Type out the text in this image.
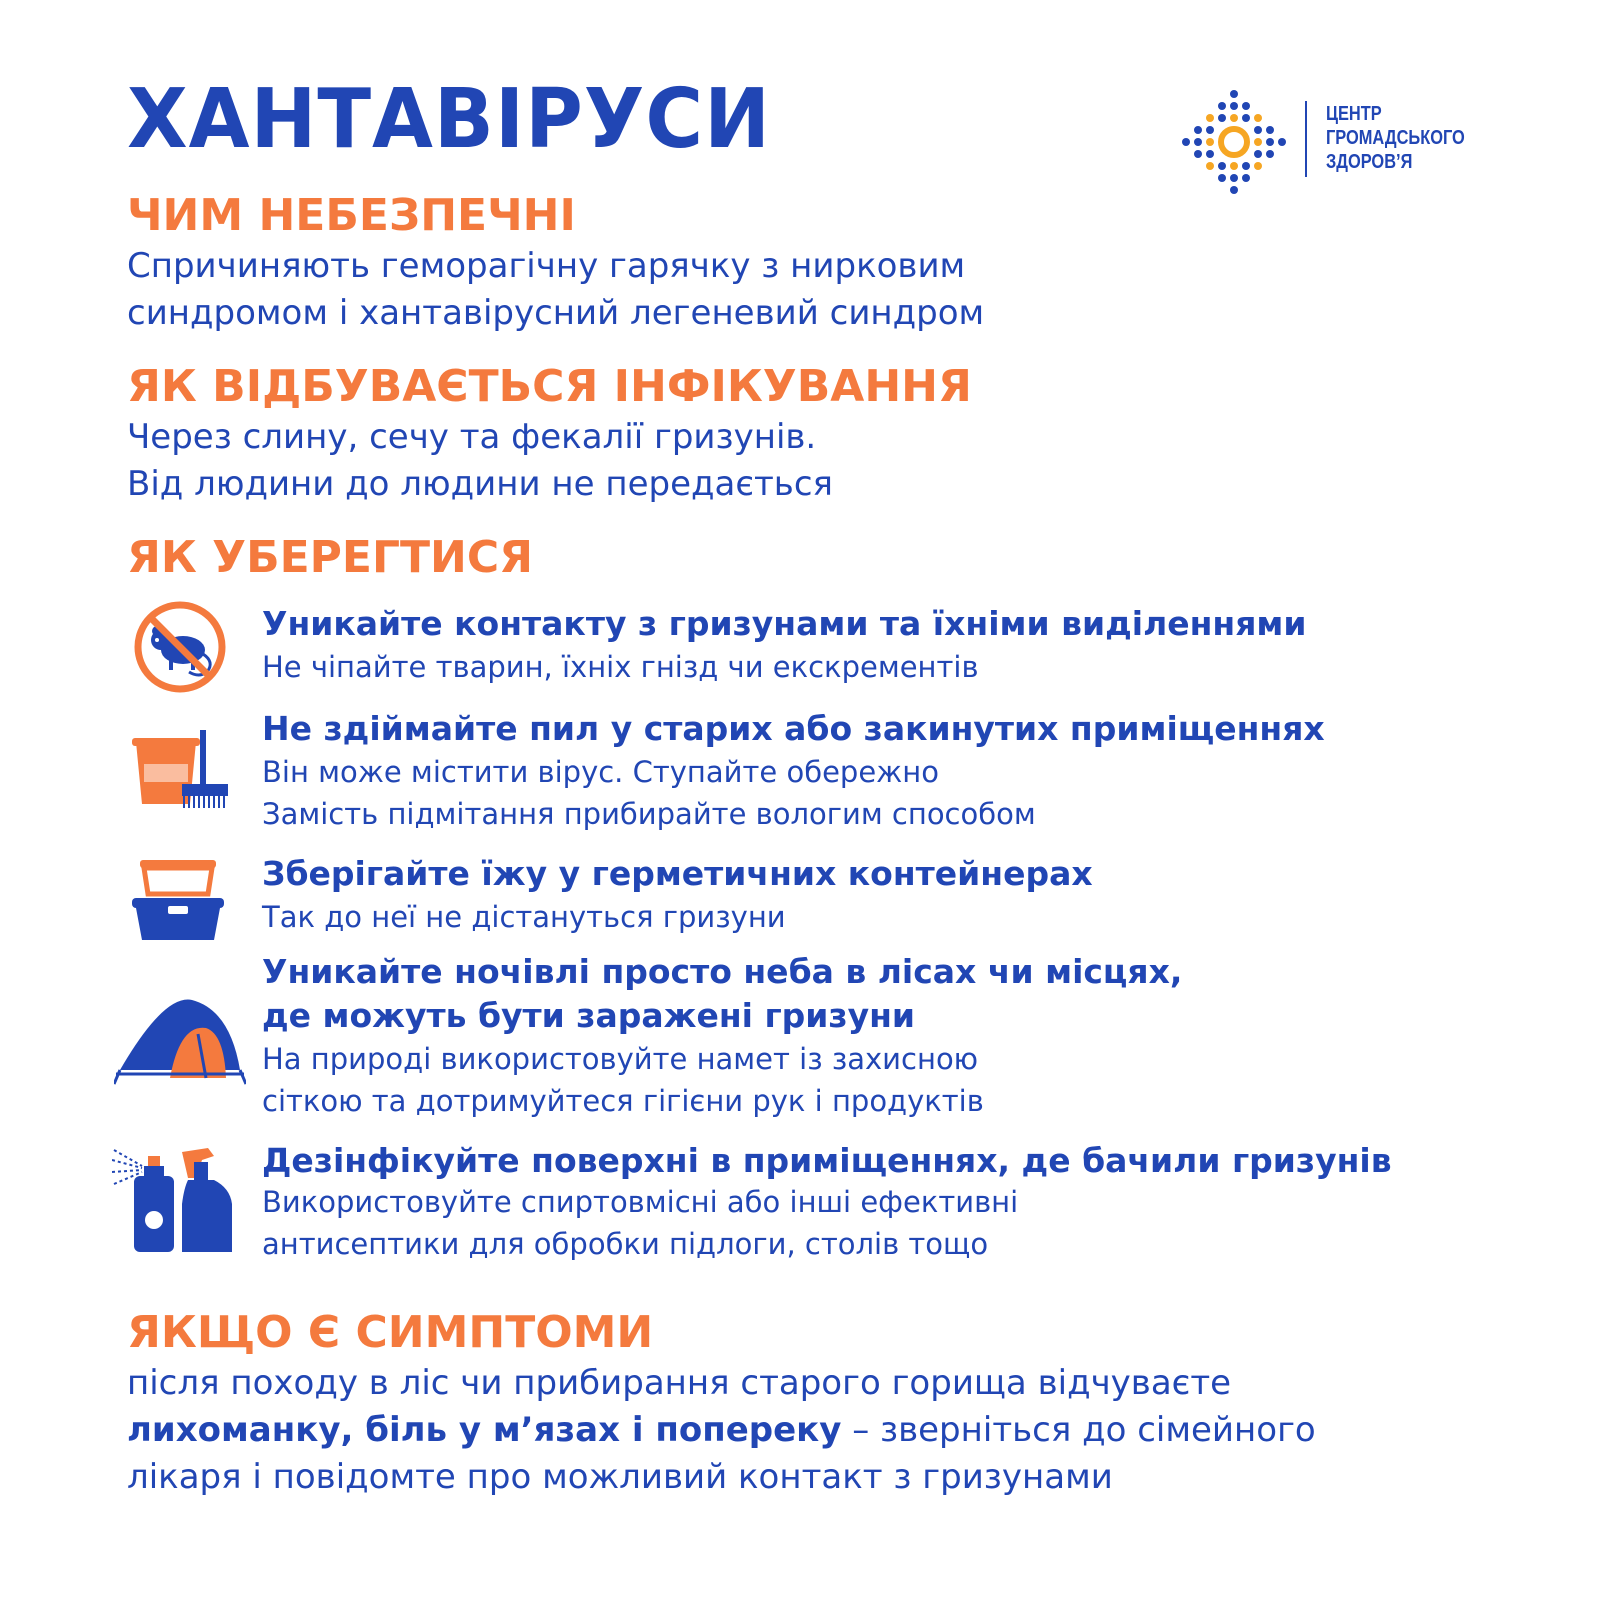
ХАНТАВІРУСИ	ЦЕНТР
ГРОМАДСЬКОГО
ЗДОРОВ’Я
ЧИМ НЕБЕЗПЕЧНІ
Спричиняють геморагічну гарячку з нирковим
синдромом і хантавірусний легеневий синдром
ЯК ВІДБУВАЄТЬСЯ ІНФІКУВАННЯ
Через слину, сечу та фекалії гризунів.
Від людини до людини не передається
ЯК УБЕРЕГТИСЯ
Уникайте контакту з гризунами та їхніми виділеннями
Не чіпайте тварин, їхніх гнізд чи екскрементів
Не здіймайте пил у старих або закинутих приміщеннях
Він може містити вірус. Ступайте обережно
Замість підмітання прибирайте вологим способом
Зберігайте їжу у герметичних контейнерах
Так до неї не дістануться гризуни
Уникайте ночівлі просто неба в лісах чи місцях,
де можуть бути заражені гризуни
На природі використовуйте намет із захисною
сіткою та дотримуйтеся гігієни рук і продуктів
Дезінфікуйте поверхні в приміщеннях, де бачили гризунів
Використовуйте спиртовмісні або інші ефективні
антисептики для обробки підлоги, столів тощо
ЯКЩО Є СИМПТОМИ
після походу в ліс чи прибирання старого горища відчуваєте
лихоманку, біль у м’язах і попереку – зверніться до сімейного
лікаря і повідомте про можливий контакт з гризунами
